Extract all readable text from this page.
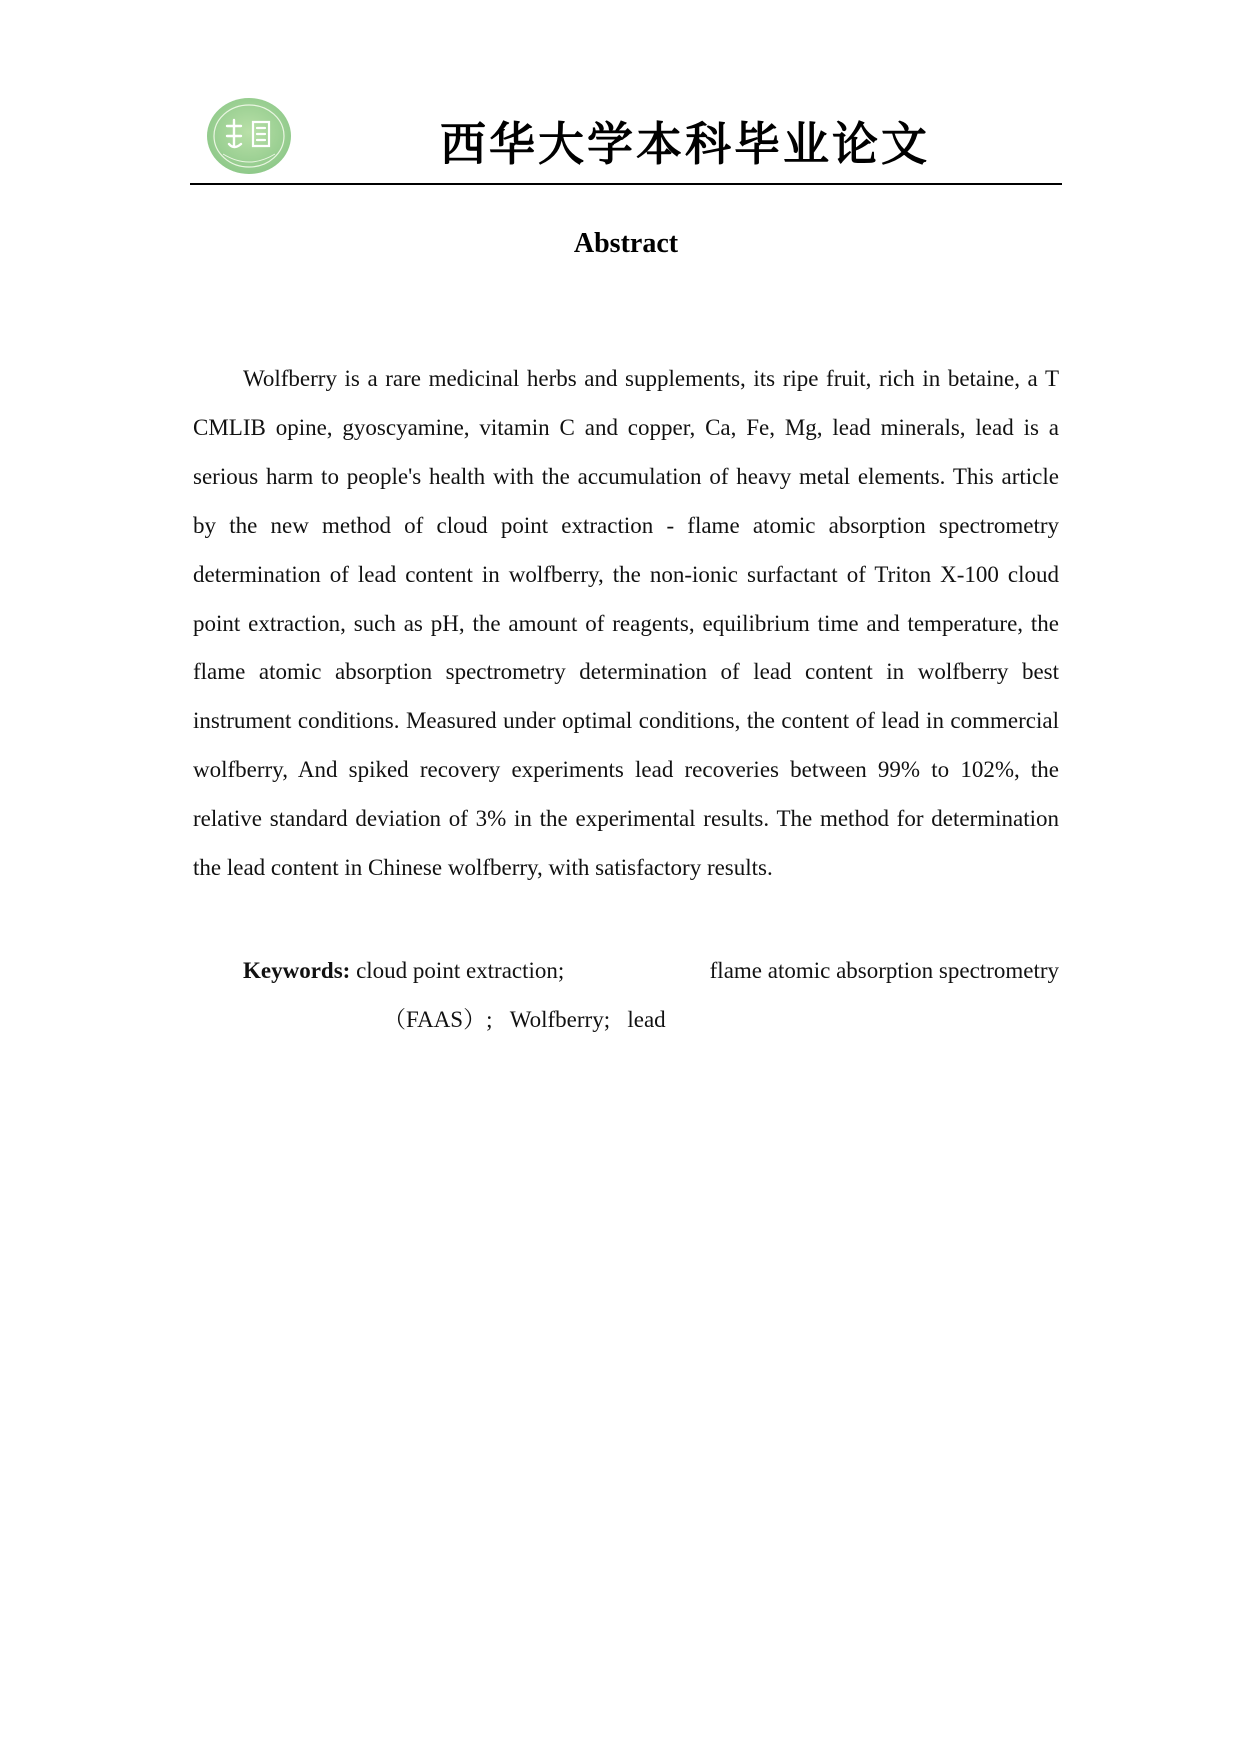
西华大学本科毕业论文
Abstract

Wolfberry is a rare medicinal herbs and supplements, its ripe fruit, rich in betaine, a T CMLIB opine, gyoscyamine, vitamin C and copper, Ca, Fe, Mg, lead minerals, lead is a serious harm to people's health with the accumulation of heavy metal elements. This article by the new method of cloud point extraction - flame atomic absorption spectrometry determination of lead content in wolfberry, the non-ionic surfactant of Triton X-100 cloud point extraction, such as pH, the amount of reagents, equilibrium time and temperature, the flame atomic absorption spectrometry determination of lead content in wolfberry best instrument conditions. Measured under optimal conditions, the content of lead in commercial wolfberry, And spiked recovery experiments lead recoveries between 99% to 102%, the relative standard deviation of 3% in the experimental results. The method for determination the lead content in Chinese wolfberry, with satisfactory results.

Keywords: cloud point extraction;	flame atomic absorption spectrometry
（FAAS）; Wolfberry; lead
